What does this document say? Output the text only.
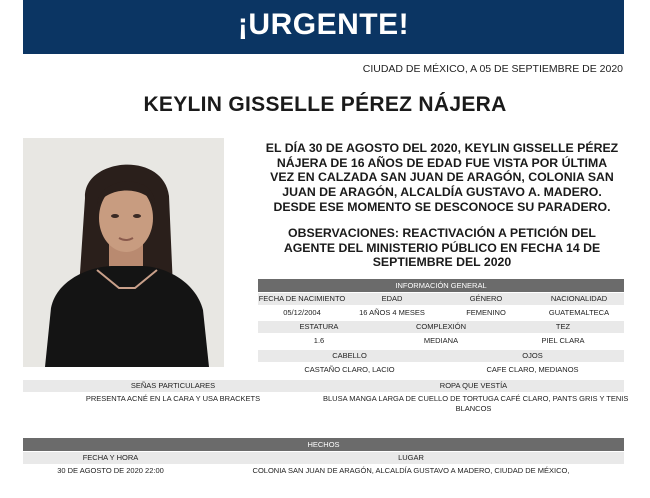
¡URGENTE!
CIUDAD DE MÉXICO, A 05 DE SEPTIEMBRE DE 2020
KEYLIN GISSELLE PÉREZ NÁJERA
EL DÍA 30 DE AGOSTO DEL 2020, KEYLIN GISSELLE PÉREZ
NÁJERA DE 16 AÑOS DE EDAD FUE VISTA POR ÚLTIMA
VEZ EN CALZADA SAN JUAN DE ARAGÓN, COLONIA SAN
JUAN DE ARAGÓN, ALCALDÍA GUSTAVO A. MADERO.
DESDE ESE MOMENTO SE DESCONOCE SU PARADERO.
OBSERVACIONES: REACTIVACIÓN A PETICIÓN DEL
AGENTE DEL MINISTERIO PÚBLICO EN FECHA 14 DE
SEPTIEMBRE DEL 2020
INFORMACIÓN GENERAL
FECHA DE NACIMIENTO	EDAD	GÉNERO	NACIONALIDAD
05/12/2004	16 AÑOS 4 MESES	FEMENINO	GUATEMALTECA
ESTATURA	COMPLEXIÓN	TEZ
1.6	MEDIANA	PIEL CLARA
CABELLO	OJOS
CASTAÑO CLARO, LACIO	CAFE CLARO, MEDIANOS
SEÑAS PARTICULARES	ROPA QUE VESTÍA
PRESENTA ACNÉ EN LA CARA Y USA BRACKETS	BLUSA MANGA LARGA DE CUELLO DE TORTUGA CAFÉ CLARO, PANTS GRIS Y TENIS
BLANCOS
HECHOS
FECHA Y HORA	LUGAR
30 DE AGOSTO DE 2020 22:00	COLONIA SAN JUAN DE ARAGÓN, ALCALDÍA GUSTAVO A MADERO, CIUDAD DE MÉXICO,
